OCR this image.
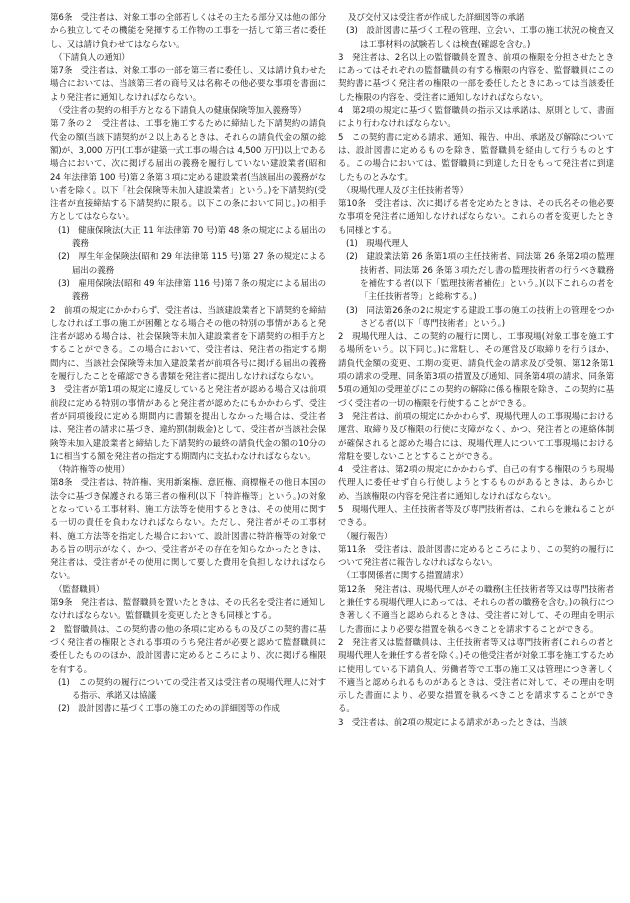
第6条　受注者は、対象工事の全部若しくはその主たる部分又は他の部分から独立してその機能を発揮する工作物の工事を一括して第三者に委任し、又は請け負わせてはならない。

（下請負人の通知）

第7条　受注者は、対象工事の一部を第三者に委任し、又は請け負わせた場合においては、当該第三者の商号又は名称その他必要な事項を書面により発注者に通知しなければならない。

（受注者の契約の相手方となる下請負人の健康保険等加入義務等）

第７条の２　受注者は、工事を施工するために締結した下請契約の請負代金の額(当該下請契約が２以上あるときは、それらの請負代金の額の総額)が、3,000 万円(工事が建築一式工事の場合は 4,500 万円)以上である場合において、次に掲げる届出の義務を履行していない建設業者(昭和 24 年法律第 100 号)第２条第３項に定める建設業者(当該届出の義務がない者を除く。以下「社会保険等未加入建設業者」という。)を下請契約(受注者が直接締結する下請契約に限る。以下この条において同じ。)の相手方としてはならない。

(1)　健康保険法(大正 11 年法律第 70 号)第 48 条の規定による届出の義務

(2)　厚生年金保険法(昭和 29 年法律第 115 号)第 27 条の規定による届出の義務

(3)　雇用保険法(昭和 49 年法律第 116 号)第７条の規定による届出の義務

2　前項の規定にかかわらず、受注者は、当該建設業者と下請契約を締結しなければ工事の施工が困難となる場合その他の特別の事情があると発注者が認める場合は、社会保険等未加入建設業者を下請契約の相手方とすることができる。この場合において、受注者は、発注者の指定する期間内に、当該社会保険等未加入建設業者が前項各号に掲げる届出の義務を履行したことを確認できる書類を発注者に提出しなければならない。

3　受注者が第1項の規定に違反していると発注者が認める場合又は前項前段に定める特別の事情があると発注者が認めたにもかかわらず、受注者が同項後段に定める期間内に書類を提出しなかった場合は、受注者は、発注者の請求に基づき、違約罰(制裁金)として、受注者が当該社会保険等未加入建設業者と締結した下請契約の最終の請負代金の額の10分の1に相当する額を発注者の指定する期間内に支払わなければならない。

（特許権等の使用）

第8条　受注者は、特許権、実用新案権、意匠権、商標権その他日本国の法令に基づき保護される第三者の権利(以下「特許権等」という。)の対象となっている工事材料、施工方法等を使用するときは、その使用に関する一切の責任を負わなければならない。ただし、発注者がその工事材料、施工方法等を指定した場合において、設計図書に特許権等の対象である旨の明示がなく、かつ、受注者がその存在を知らなかったときは、発注者は、受注者がその使用に関して要した費用を負担しなければならない。

（監督職員）

第9条　発注者は、監督職員を置いたときは、その氏名を受注者に通知しなければならない。監督職員を変更したときも同様とする。

2　監督職員は、この契約書の他の条項に定めるもの及びこの契約書に基づく発注者の権限とされる事項のうち発注者が必要と認めて監督職員に委任したもののほか、設計図書に定めるところにより、次に掲げる権限を有する。

(1)　この契約の履行についての受注者又は受注者の現場代理人に対する指示、承諾又は協議

(2)　設計図書に基づく工事の施工のための詳細図等の作成

及び交付又は受注者が作成した詳細図等の承諾

(3)　設計図書に基づく工程の管理、立会い、工事の施工状況の検査又は工事材料の試験若しくは検査(確認を含む。)

3　発注者は、2名以上の監督職員を置き、前項の権限を分担させたときにあってはそれぞれの監督職員の有する権限の内容を、監督職員にこの契約書に基づく発注者の権限の一部を委任したときにあっては当該委任した権限の内容を、受注者に通知しなければならない。

4　第2項の規定に基づく監督職員の指示又は承諾は、原則として、書面により行わなければならない。

5　この契約書に定める請求、通知、報告、申出、承諾及び解除については、設計図書に定めるものを除き、監督職員を経由して行うものとする。この場合においては、監督職員に到達した日をもって発注者に到達したものとみなす。

（現場代理人及び主任技術者等）

第10条　受注者は、次に掲げる者を定めたときは、その氏名その他必要な事項を発注者に通知しなければならない。これらの者を変更したときも同様とする。

(1)　現場代理人

(2)　建設業法第 26 条第1項の主任技術者、同法第 26 条第2項の監理技術者、同法第 26 条第３項ただし書の監理技術者の行うべき職務を補佐する者(以下「監理技術者補佐」という。)(以下これらの者を「主任技術者等」と総称する。)

(3)　同法第26条の2に規定する建設工事の施工の技術上の管理をつかさどる者(以下「専門技術者」という。)

2　現場代理人は、この契約の履行に関し、工事現場(対象工事を施工する場所をいう。以下同じ。)に常駐し、その運営及び取締りを行うほか、請負代金額の変更、工期の変更、請負代金の請求及び受領、第12条第1項の請求の受理、同条第3項の措置及び通知、同条第4項の請求、同条第5項の通知の受理並びにこの契約の解除に係る権限を除き、この契約に基づく受注者の一切の権限を行使することができる。

3　発注者は、前項の規定にかかわらず、現場代理人の工事現場における運営、取締り及び権限の行使に支障がなく、かつ、発注者との連絡体制が確保されると認めた場合には、現場代理人について工事現場における常駐を要しないこととすることができる。

4　受注者は、第2項の規定にかかわらず、自己の有する権限のうち現場代理人に委任せず自ら行使しようとするものがあるときは、あらかじめ、当該権限の内容を発注者に通知しなければならない。

5　現場代理人、主任技術者等及び専門技術者は、これらを兼ねることができる。

（履行報告）

第11条　受注者は、設計図書に定めるところにより、この契約の履行について発注者に報告しなければならない。

（工事関係者に関する措置請求）

第12条　発注者は、現場代理人がその職務(主任技術者等又は専門技術者と兼任する現場代理人にあっては、それらの者の職務を含む。)の執行につき著しく不適当と認められるときは、受注者に対して、その理由を明示した書面により必要な措置を執るべきことを請求することができる。

2　発注者又は監督職員は、主任技術者等又は専門技術者(これらの者と現場代理人を兼任する者を除く。)その他受注者が対象工事を施工するために使用している下請負人、労働者等で工事の施工又は管理につき著しく不適当と認められるものがあるときは、受注者に対して、その理由を明示した書面により、必要な措置を執るべきことを請求することができる。

3　受注者は、前2項の規定による請求があったときは、当該
